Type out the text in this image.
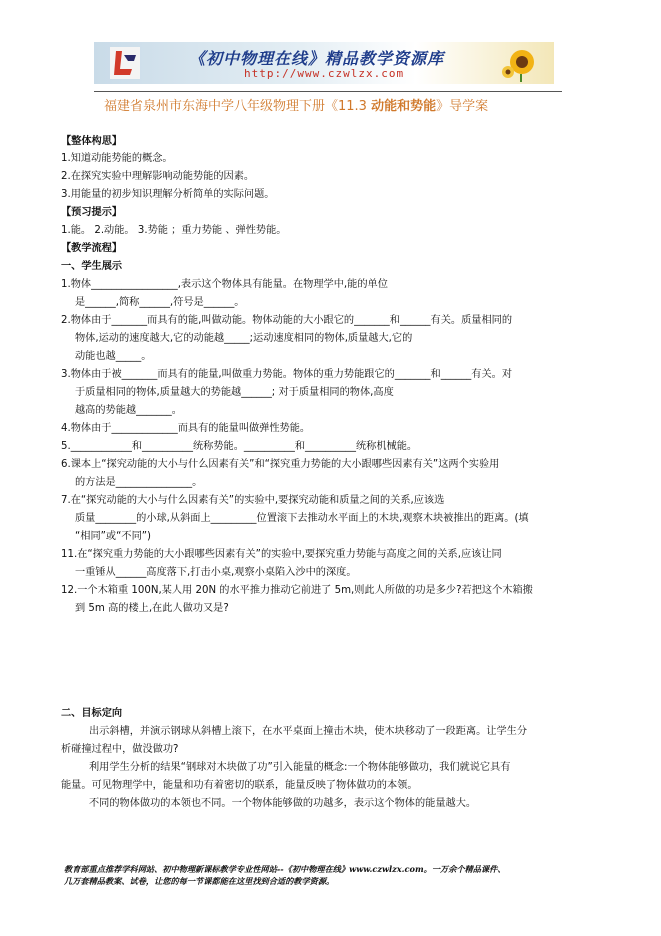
《初中物理在线》精品教学资源库
http://www.czwlzx.com
福建省泉州市东海中学八年级物理下册《11.3 动能和势能》导学案
【整体构思】
1.知道动能势能的概念。
2.在探究实验中理解影响动能势能的因素。
3.用能量的初步知识理解分析简单的实际问题。
【预习提示】
1.能。 2.动能。 3.势能 ；重力势能 、弹性势能。
【教学流程】
一、学生展示
1.物体_________________,表示这个物体具有能量。在物理学中,能的单位
是______,简称______,符号是______。
2.物体由于_______而具有的能,叫做动能。物体动能的大小跟它的_______和______有关。质量相同的
物体,运动的速度越大,它的动能越_____;运动速度相同的物体,质量越大,它的
动能也越_____。
3.物体由于被_______而具有的能量,叫做重力势能。物体的重力势能跟它的_______和______有关。对
于质量相同的物体,质量越大的势能越______; 对于质量相同的物体,高度
越高的势能越_______。
4.物体由于_____________而具有的能量叫做弹性势能。
5.____________和__________统称势能。__________和__________统称机械能。
6.课本上“探究动能的大小与什么因素有关”和“探究重力势能的大小跟哪些因素有关”这两个实验用
的方法是_______________。
7.在“探究动能的大小与什么因素有关”的实验中,要探究动能和质量之间的关系,应该选
质量________的小球,从斜面上_________位置滚下去推动水平面上的木块,观察木块被推出的距离。(填
“相同”或“不同”)
11.在“探究重力势能的大小跟哪些因素有关”的实验中,要探究重力势能与高度之间的关系,应该让同
一重锤从______高度落下,打击小桌,观察小桌陷入沙中的深度。
12.一个木箱重 100N,某人用 20N 的水平推力推动它前进了 5m,则此人所做的功是多少?若把这个木箱搬
到 5m 高的楼上,在此人做功又是?
二、目标定向
出示斜槽，并演示钢球从斜槽上滚下，在水平桌面上撞击木块，使木块移动了一段距离。让学生分
析碰撞过程中，做没做功?
利用学生分析的结果“钢球对木块做了功”引入能量的概念:一个物体能够做功，我们就说它具有
能量。可见物理学中，能量和功有着密切的联系，能量反映了物体做功的本领。
不同的物体做功的本领也不同。一个物体能够做的功越多，表示这个物体的能量越大。
教育部重点推荐学科网站、初中物理新课标教学专业性网站--《初中物理在线》www.czwlzx.com。一万余个精品课件、
几万套精品教案、试卷，让您的每一节课都能在这里找到合适的教学资源。
